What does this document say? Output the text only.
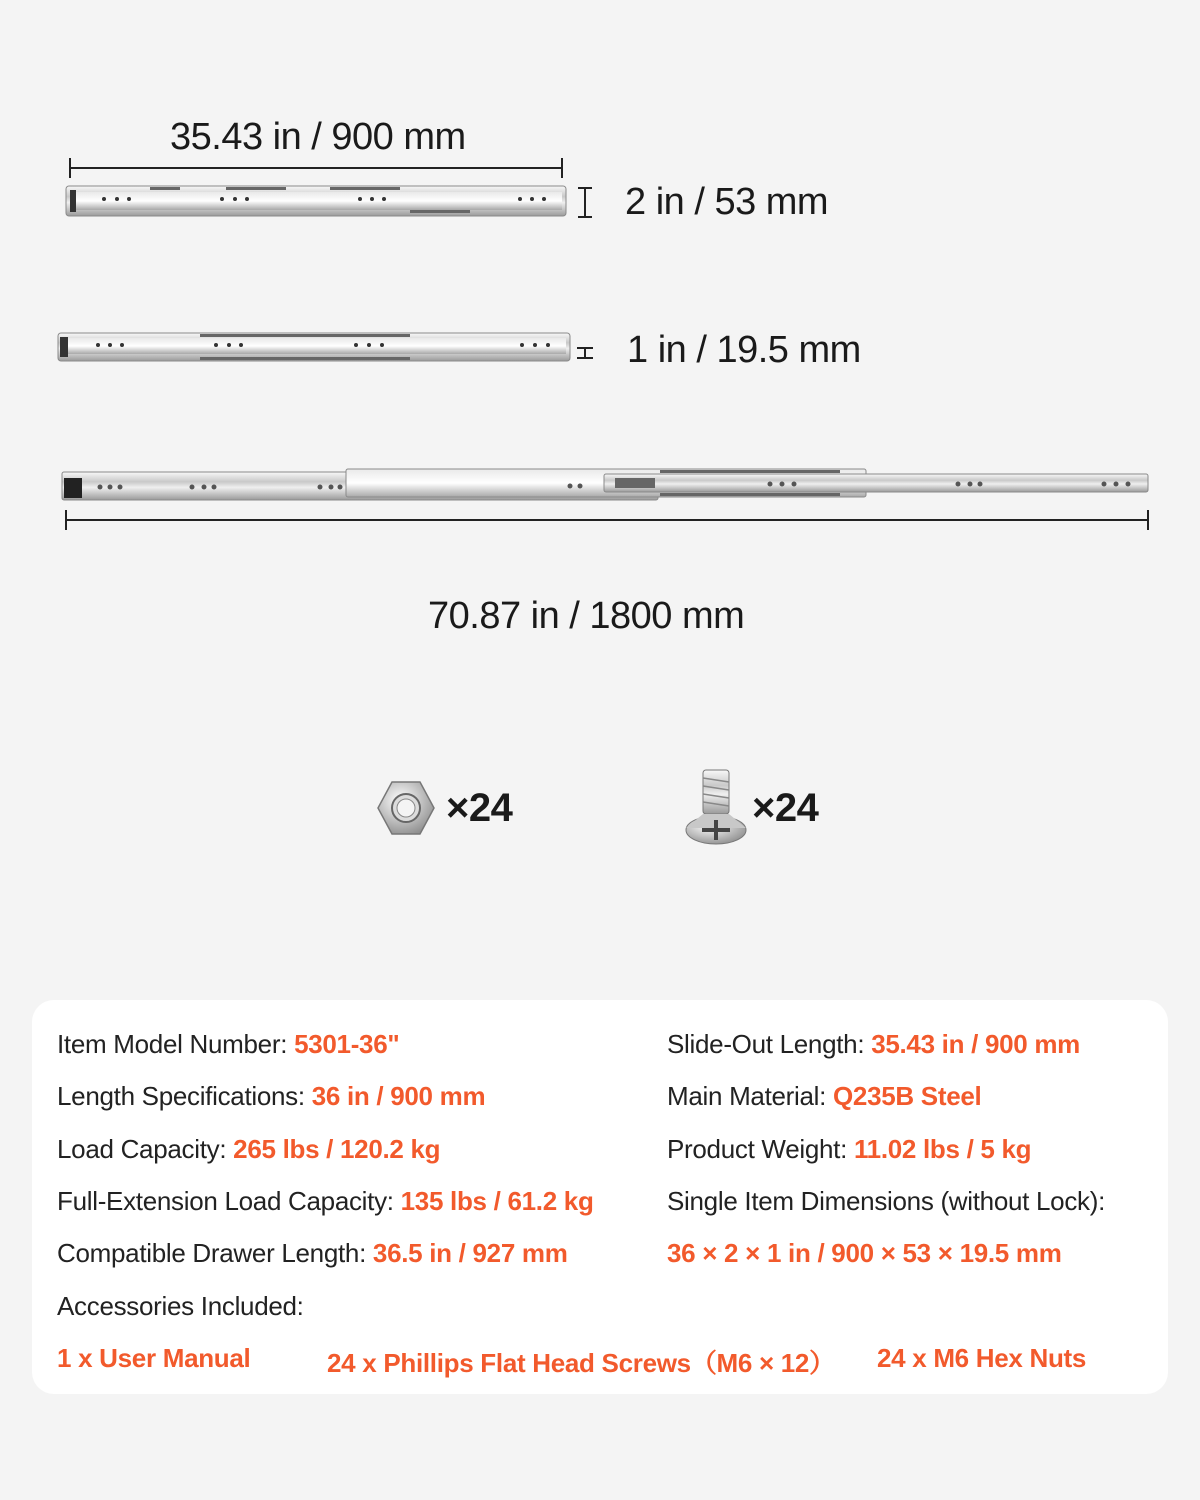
35.43 in / 900 mm
2 in / 53 mm
1 in / 19.5 mm
70.87 in / 1800 mm
×24	×24
Item Model Number: 5301-36"
Length Specifications: 36 in / 900 mm
Load Capacity: 265 lbs / 120.2 kg
Full-Extension Load Capacity: 135 lbs / 61.2 kg
Compatible Drawer Length: 36.5 in / 927 mm
Slide-Out Length: 35.43 in / 900 mm
Main Material: Q235B Steel
Product Weight: 11.02 lbs / 5 kg
Single Item Dimensions (without Lock):
36 × 2 × 1 in / 900 × 53 × 19.5 mm
Accessories Included:
1 x User Manual	24 x Phillips Flat Head Screws（M6 × 12） 24 x M6 Hex Nuts
